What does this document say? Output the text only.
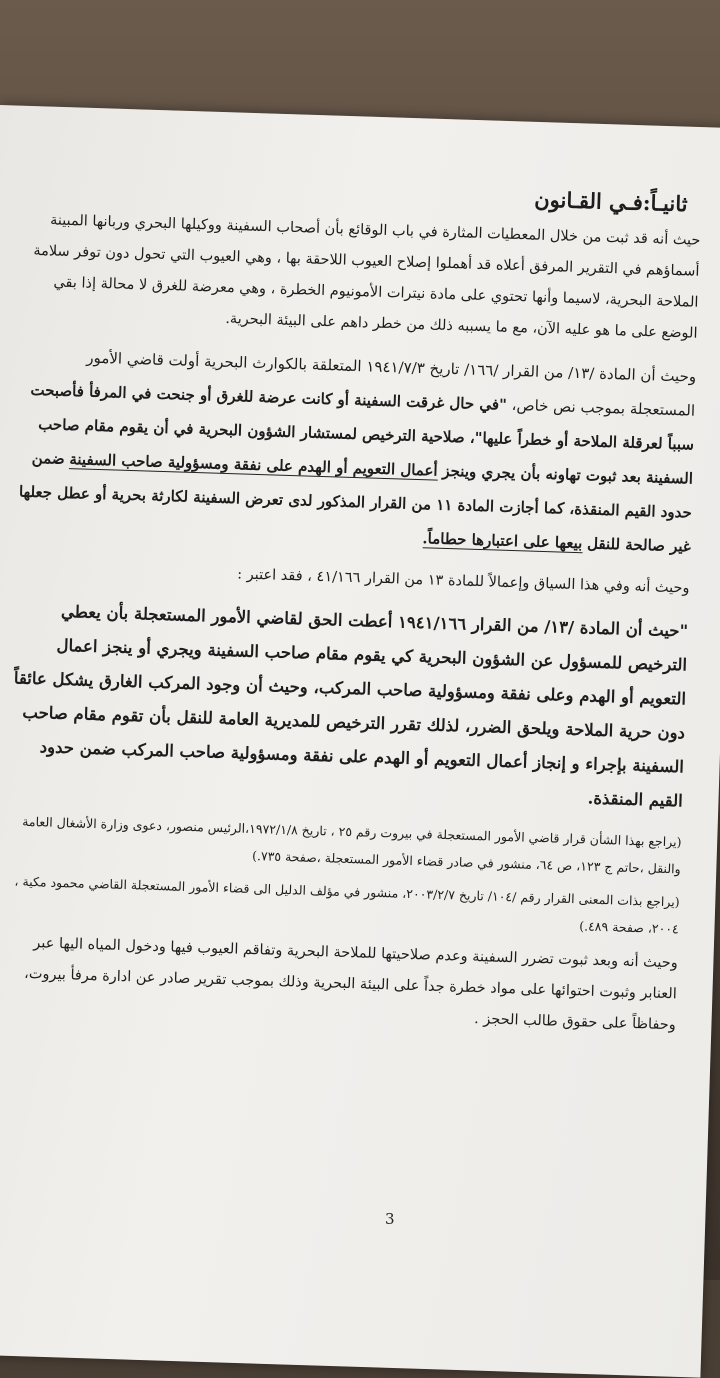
ثانيـاً:فـي القـانون
حيث أنه قد ثبت من خلال المعطيات المثارة في باب الوقائع بأن أصحاب السفينة ووكيلها البحري وربانها المبينة أسماؤهم في التقرير المرفق أعلاه قد أهملوا إصلاح العيوب اللاحقة بها ، وهي العيوب التي تحول دون توفر سلامة الملاحة البحرية، لاسيما وأنها تحتوي على مادة نيترات الأمونيوم الخطرة ، وهي معرضة للغرق لا محالة إذا بقي الوضع على ما هو عليه الآن، مع ما يسببه ذلك من خطر داهم على البيئة البحرية.
وحيث أن المادة /١٣/ من القرار /١٦٦/ تاريخ ١٩٤١/٧/٣ المتعلقة بالكوارث البحرية أولت قاضي الأمور المستعجلة بموجب نص خاص، "في حال غرقت السفينة أو كانت عرضة للغرق أو جنحت في المرفأ فأصبحت سبباً لعرقلة الملاحة أو خطراً عليها"، صلاحية الترخيص لمستشار الشؤون البحرية في أن يقوم مقام صاحب السفينة بعد ثبوت تهاونه بأن يجري وينجز أعمال التعويم أو الهدم على نفقة ومسؤولية صاحب السفينة ضمن حدود القيم المنقذة، كما أجازت المادة ١١ من القرار المذكور لدى تعرض السفينة لكارثة بحرية أو عطل جعلها غير صالحة للنقل بيعها على اعتبارها حطاماً.
وحيث أنه وفي هذا السياق وإعمالاً للمادة ١٣ من القرار ٤١/١٦٦ ، فقد اعتبر :
"حيث أن المادة /١٣/ من القرار ١٩٤١/١٦٦ أعطت الحق لقاضي الأمور المستعجلة بأن يعطي الترخيص للمسؤول عن الشؤون البحرية كي يقوم مقام صاحب السفينة ويجري أو ينجز اعمال التعويم أو الهدم وعلى نفقة ومسؤولية صاحب المركب، وحيث أن وجود المركب الغارق يشكل عائقاً دون حرية الملاحة ويلحق الضرر، لذلك تقرر الترخيص للمديرية العامة للنقل بأن تقوم مقام صاحب السفينة بإجراء و إنجاز أعمال التعويم أو الهدم على نفقة ومسؤولية صاحب المركب ضمن حدود القيم المنقذة.
(يراجع بهذا الشأن قرار قاضي الأمور المستعجلة في بيروت رقم ٢٥ ، تاريخ ١٩٧٢/١/٨،الرئيس منصور، دعوى وزارة الأشغال العامة والنقل ،حاتم ج ١٢٣، ص ٦٤، منشور في صادر قضاء الأمور المستعجلة ،صفحة ٧٣٥.)
(يراجع بذات المعنى القرار رقم /١٠٤/ تاريخ ٢٠٠٣/٢/٧، منشور في مؤلف الدليل الى قضاء الأمور المستعجلة القاضي محمود مكية ، ٢٠٠٤، صفحة ٤٨٩.)
وحيث أنه وبعد ثبوت تضرر السفينة وعدم صلاحيتها للملاحة البحرية وتفاقم العيوب فيها ودخول المياه اليها عبر العنابر وثبوت احتوائها على مواد خطرة جداً على البيئة البحرية وذلك بموجب تقرير صادر عن ادارة مرفأ بيروت، وحفاظاً على حقوق طالب الحجز .
3
